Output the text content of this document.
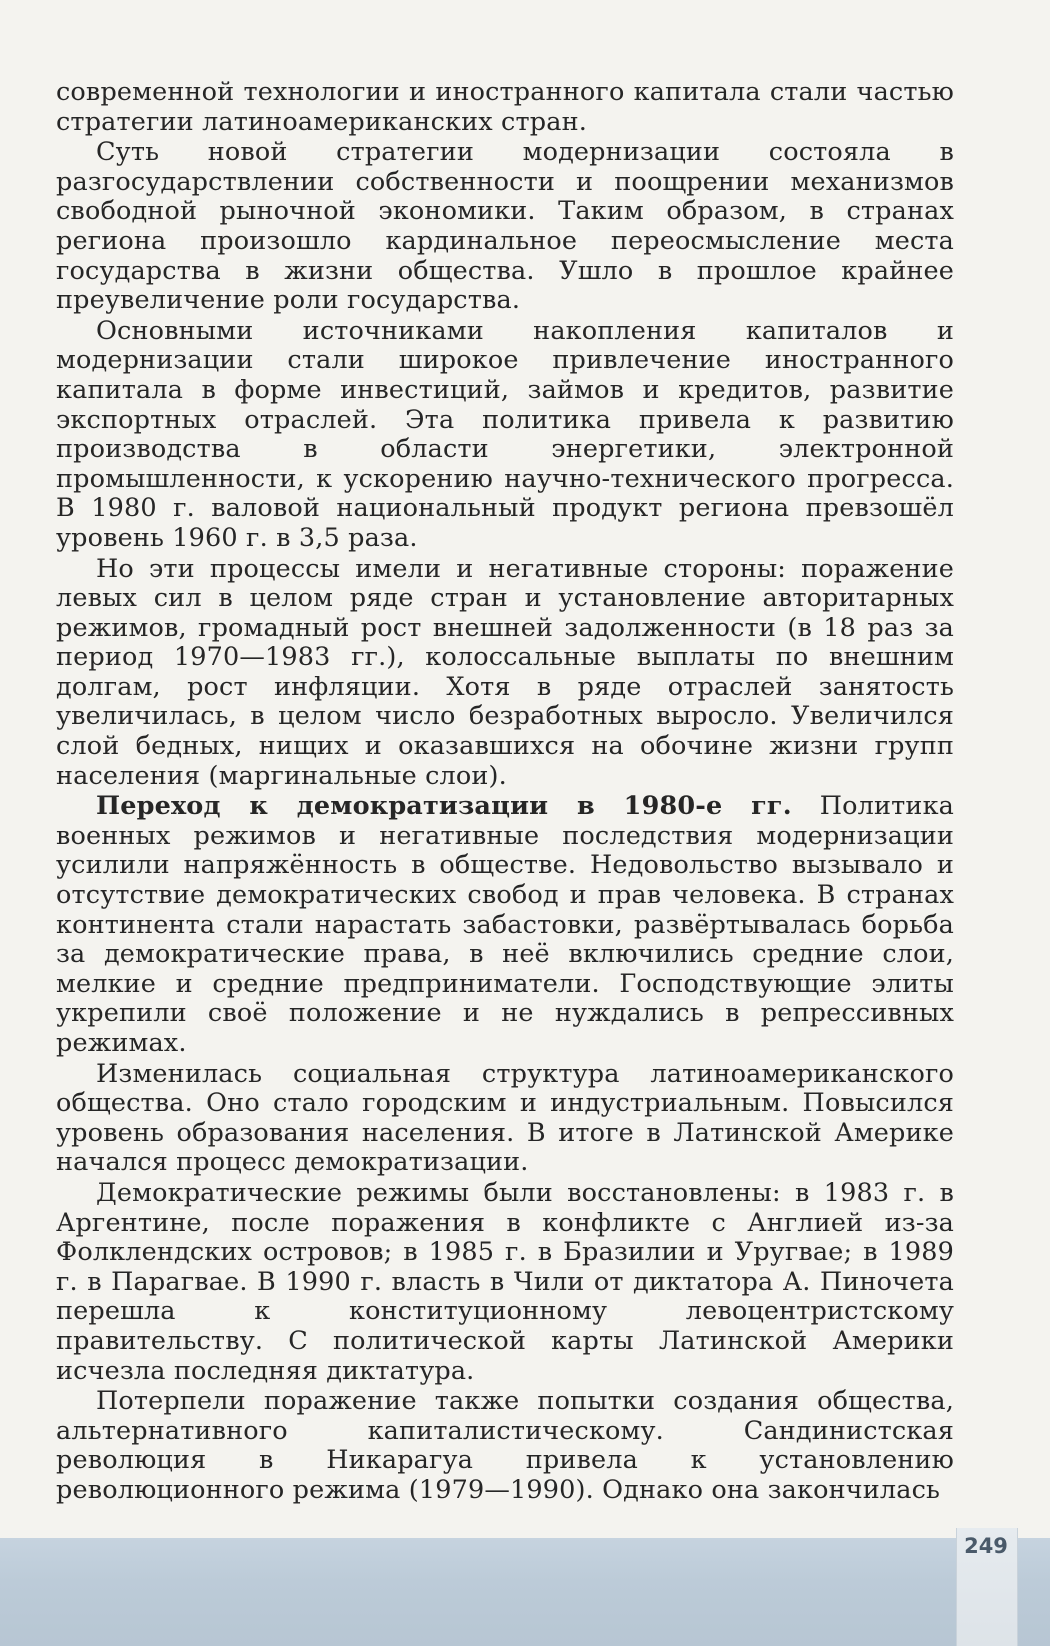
современной технологии и иностранного капитала стали частью стратегии латиноамериканских стран.

Суть новой стратегии модернизации состояла в разгосударствлении собственности и поощрении механизмов свободной рыночной экономики. Таким образом, в странах региона произошло кардинальное переосмысление места государства в жизни общества. Ушло в прошлое крайнее преувеличение роли государства.

Основными источниками накопления капиталов и модернизации стали широкое привлечение иностранного капитала в форме инвестиций, займов и кредитов, развитие экспортных отраслей. Эта политика привела к развитию производства в области энергетики, электронной промышленности, к ускорению научно-технического прогресса. В 1980 г. валовой национальный продукт региона превзошёл уровень 1960 г. в 3,5 раза.

Но эти процессы имели и негативные стороны: поражение левых сил в целом ряде стран и установление авторитарных режимов, громадный рост внешней задолженности (в 18 раз за период 1970—1983 гг.), колоссальные выплаты по внешним долгам, рост инфляции. Хотя в ряде отраслей занятость увеличилась, в целом число безработных выросло. Увеличился слой бедных, нищих и оказавшихся на обочине жизни групп населения (маргинальные слои).

Переход к демократизации в 1980-е гг. Политика военных режимов и негативные последствия модернизации усилили напряжённость в обществе. Недовольство вызывало и отсутствие демократических свобод и прав человека. В странах континента стали нарастать забастовки, развёртывалась борьба за демократические права, в неё включились средние слои, мелкие и средние предприниматели. Господствующие элиты укрепили своё положение и не нуждались в репрессивных режимах.

Изменилась социальная структура латиноамериканского общества. Оно стало городским и индустриальным. Повысился уровень образования населения. В итоге в Латинской Америке начался процесс демократизации.

Демократические режимы были восстановлены: в 1983 г. в Аргентине, после поражения в конфликте с Англией из-за Фолклендских островов; в 1985 г. в Бразилии и Уругвае; в 1989 г. в Парагвае. В 1990 г. власть в Чили от диктатора А. Пиночета перешла к конституционному левоцентристскому правительству. С политической карты Латинской Америки исчезла последняя диктатура.

Потерпели поражение также попытки создания общества, альтернативного капиталистическому. Сандинистская революция в Никарагуа привела к установлению революционного режима (1979—1990). Однако она закончилась

249
